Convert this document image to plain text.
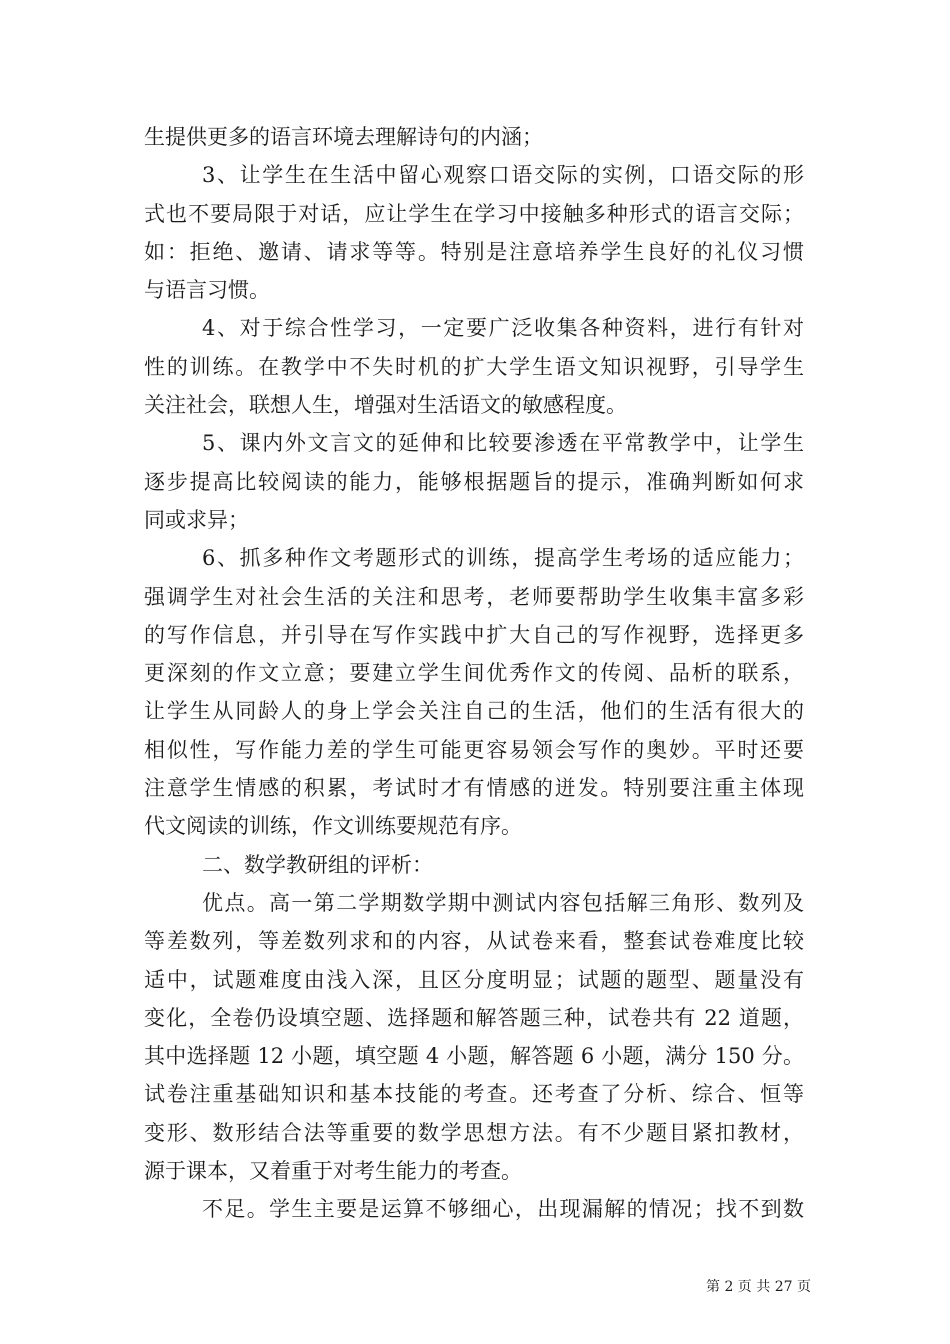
生提供更多的语言环境去理解诗句的内涵；
3、让学生在生活中留心观察口语交际的实例，口语交际的形
式也不要局限于对话，应让学生在学习中接触多种形式的语言交际；
如：拒绝、邀请、请求等等。特别是注意培养学生良好的礼仪习惯
与语言习惯。
4、对于综合性学习，一定要广泛收集各种资料，进行有针对
性的训练。在教学中不失时机的扩大学生语文知识视野，引导学生
关注社会，联想人生，增强对生活语文的敏感程度。
5、课内外文言文的延伸和比较要渗透在平常教学中，让学生
逐步提高比较阅读的能力，能够根据题旨的提示，准确判断如何求
同或求异；
6、抓多种作文考题形式的训练，提高学生考场的适应能力；
强调学生对社会生活的关注和思考，老师要帮助学生收集丰富多彩
的写作信息，并引导在写作实践中扩大自己的写作视野，选择更多
更深刻的作文立意；要建立学生间优秀作文的传阅、品析的联系，
让学生从同龄人的身上学会关注自己的生活，他们的生活有很大的
相似性，写作能力差的学生可能更容易领会写作的奥妙。平时还要
注意学生情感的积累，考试时才有情感的迸发。特别要注重主体现
代文阅读的训练，作文训练要规范有序。
二、数学教研组的评析：
优点。高一第二学期数学期中测试内容包括解三角形、数列及
等差数列，等差数列求和的内容，从试卷来看，整套试卷难度比较
适中，试题难度由浅入深，且区分度明显；试题的题型、题量没有
变化，全卷仍设填空题、选择题和解答题三种，试卷共有 22 道题，
其中选择题 12 小题，填空题 4 小题，解答题 6 小题，满分 150 分。
试卷注重基础知识和基本技能的考查。还考查了分析、综合、恒等
变形、数形结合法等重要的数学思想方法。有不少题目紧扣教材，
源于课本，又着重于对考生能力的考查。
不足。学生主要是运算不够细心，出现漏解的情况；找不到数
第 2 页 共 27 页
